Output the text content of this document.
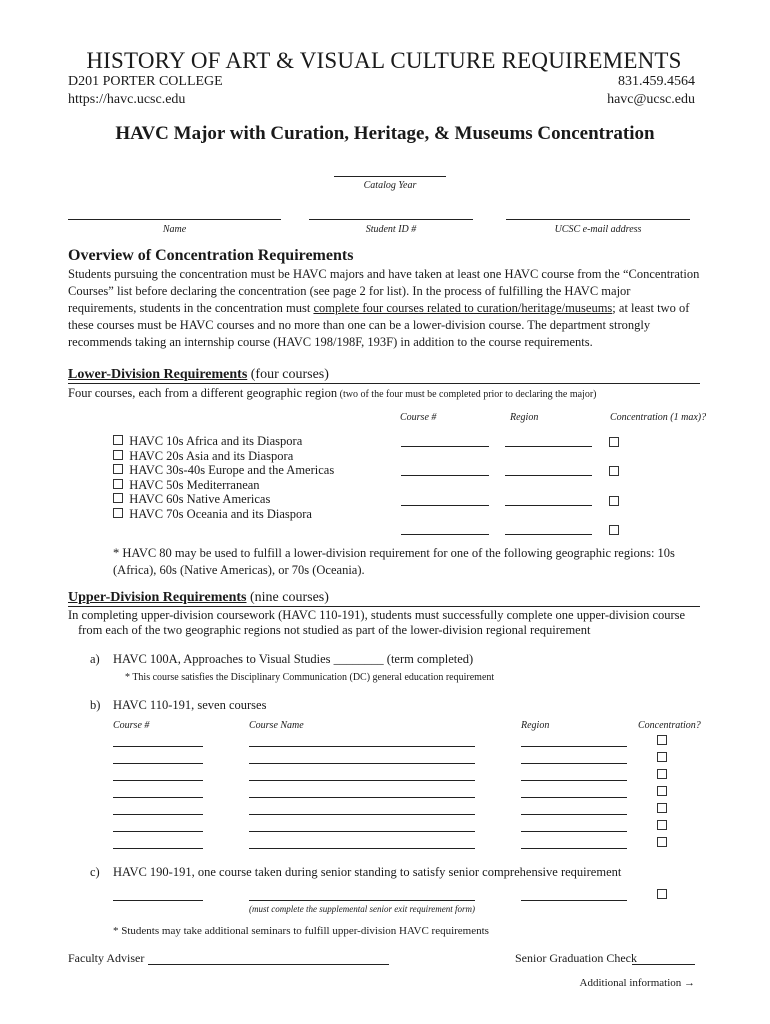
HISTORY OF ART & VISUAL CULTURE REQUIREMENTS
D201 PORTER COLLEGE
https://havc.ucsc.edu
831.459.4564
havc@ucsc.edu
HAVC Major with Curation, Heritage, & Museums Concentration
Catalog Year
Name	Student ID #	UCSC e-mail address
Overview of Concentration Requirements
Students pursuing the concentration must be HAVC majors and have taken at least one HAVC course from the “Concentration Courses” list before declaring the concentration (see page 2 for list). In the process of fulfilling the HAVC major requirements, students in the concentration must complete four courses related to curation/heritage/museums; at least two of these courses must be HAVC courses and no more than one can be a lower-division course. The department strongly recommends taking an internship course (HAVC 198/198F, 193F) in addition to the course requirements.
Lower-Division Requirements (four courses)
Four courses, each from a different geographic region (two of the four must be completed prior to declaring the major)
Course #	Region	Concentration (1 max)?
HAVC 10s Africa and its Diaspora
HAVC 20s Asia and its Diaspora
HAVC 30s-40s Europe and the Americas
HAVC 50s Mediterranean
HAVC 60s Native Americas
HAVC 70s Oceania and its Diaspora
* HAVC 80 may be used to fulfill a lower-division requirement for one of the following geographic regions: 10s (Africa), 60s (Native Americas), or 70s (Oceania).
Upper-Division Requirements (nine courses)
In completing upper-division coursework (HAVC 110-191), students must successfully complete one upper-division course
from each of the two geographic regions not studied as part of the lower-division regional requirement
a) HAVC 100A, Approaches to Visual Studies ________ (term completed)
* This course satisfies the Disciplinary Communication (DC) general education requirement
b) HAVC 110-191, seven courses
Course #	Course Name	Region	Concentration?
c) HAVC 190-191, one course taken during senior standing to satisfy senior comprehensive requirement
(must complete the supplemental senior exit requirement form)
* Students may take additional seminars to fulfill upper-division HAVC requirements
Faculty Adviser	Senior Graduation Check
Additional information →
